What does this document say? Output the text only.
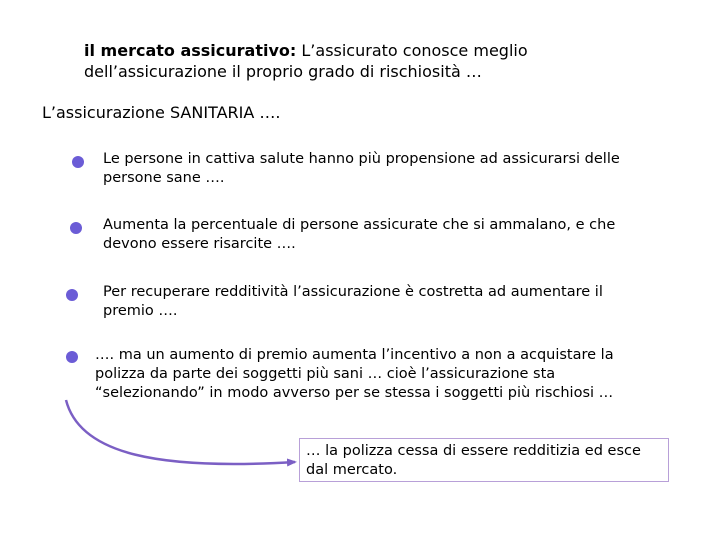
il mercato assicurativo: L’assicurato conosce meglio dell’assicurazione il proprio grado di rischiosità …
L’assicurazione SANITARIA ….
Le persone in cattiva salute hanno più propensione ad assicurarsi delle persone sane ….
Aumenta la percentuale di persone assicurate che si ammalano, e che devono essere risarcite ….
Per recuperare redditività l’assicurazione è costretta ad aumentare il premio ….
…. ma un aumento di premio aumenta l’incentivo a non a acquistare la polizza da parte dei soggetti più sani … cioè l’assicurazione sta “selezionando” in modo avverso per se stessa i soggetti più rischiosi …
… la polizza cessa di essere redditizia ed esce dal mercato.
